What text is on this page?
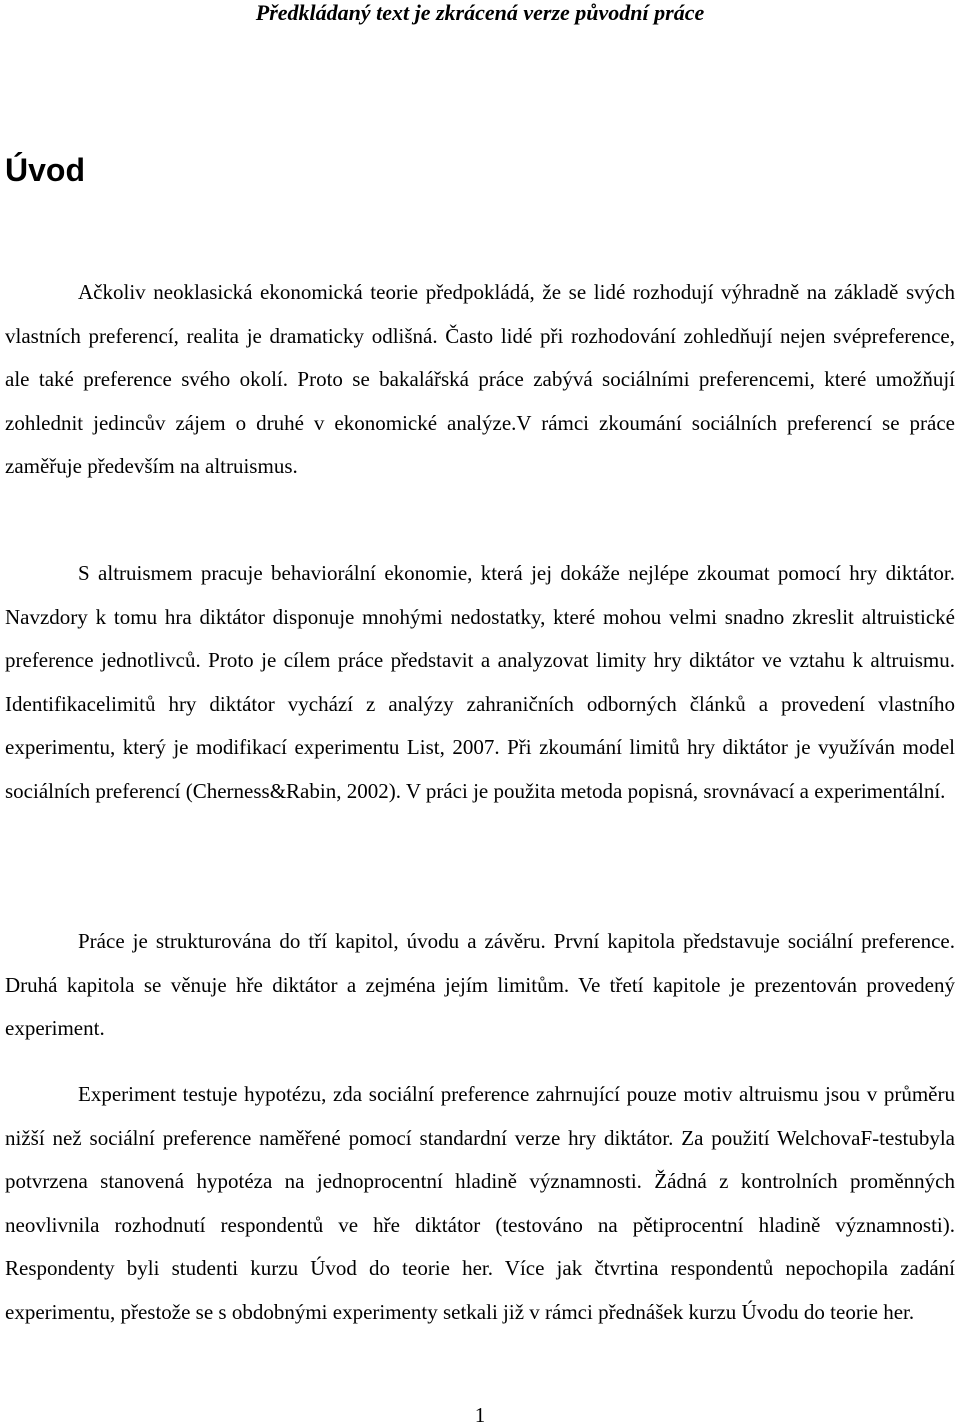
Předkládaný text je zkrácená verze původní práce
Úvod

Ačkoliv neoklasická ekonomická teorie předpokládá, že se lidé rozhodují výhradně na základě svých vlastních preferencí, realita je dramaticky odlišná. Často lidé při rozhodování zohledňují nejen svépreference, ale také preference svého okolí. Proto se bakalářská práce zabývá sociálními preferencemi, které umožňují zohlednit jedincův zájem o druhé v ekonomické analýze.V rámci zkoumání sociálních preferencí se práce zaměřuje především na altruismus.

S altruismem pracuje behaviorální ekonomie, která jej dokáže nejlépe zkoumat pomocí hry diktátor. Navzdory k tomu hra diktátor disponuje mnohými nedostatky, které mohou velmi snadno zkreslit altruistické preference jednotlivců. Proto je cílem práce představit a analyzovat limity hry diktátor ve vztahu k altruismu. Identifikacelimitů hry diktátor vychází z analýzy zahraničních odborných článků a provedení vlastního experimentu, který je modifikací experimentu List, 2007. Při zkoumání limitů hry diktátor je využíván model sociálních preferencí (Cherness&Rabin, 2002). V práci je použita metoda popisná, srovnávací a experimentální.

Práce je strukturována do tří kapitol, úvodu a závěru. První kapitola představuje sociální preference. Druhá kapitola se věnuje hře diktátor a zejména jejím limitům. Ve třetí kapitole je prezentován provedený experiment.

Experiment testuje hypotézu, zda sociální preference zahrnující pouze motiv altruismu jsou v průměru nižší než sociální preference naměřené pomocí standardní verze hry diktátor. Za použití WelchovaF-testubyla potvrzena stanovená hypotéza na jednoprocentní hladině významnosti. Žádná z kontrolních proměnných neovlivnila rozhodnutí respondentů ve hře diktátor (testováno na pětiprocentní hladině významnosti). Respondenty byli studenti kurzu Úvod do teorie her. Více jak čtvrtina respondentů nepochopila zadání experimentu, přestože se s obdobnými experimenty setkali již v rámci přednášek kurzu Úvodu do teorie her.

1
